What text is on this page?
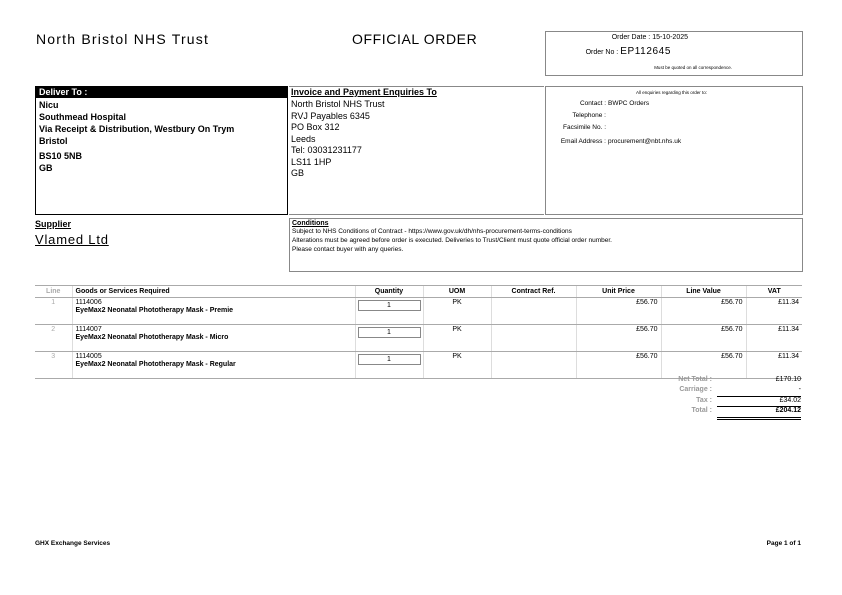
North Bristol NHS Trust	OFFICIAL ORDER	Order Date : 15-10-2025
Order No : EP112645
Must be quoted on all correspondence.
Deliver To :
Nicu
Southmead Hospital
Via Receipt & Distribution, Westbury On Trym
Bristol
BS10 5NB
GB
Invoice and Payment Enquiries To
North Bristol NHS Trust
RVJ Payables 6345
PO Box 312
Leeds
Tel: 03031231177
LS11 1HP
GB
All enquiries regarding this order to:
Contact : BWPC Orders
Telephone :
Facsimile No. :
Email Address : procurement@nbt.nhs.uk
Supplier
Vlamed Ltd
Conditions
Subject to NHS Conditions of Contract - https://www.gov.uk/dh/nhs-procurement-terms-conditions
Alterations must be agreed before order is executed. Deliveries to Trust/Client must quote official order number.
Please contact buyer with any queries.
Line	Goods or Services Required	Quantity	UOM	Contract Ref.	Unit Price	Line Value	VAT
1	1114006
EyeMax2 Neonatal Phototherapy Mask - Premie	1	PK		£56.70	£56.70	£11.34
2	1114007
EyeMax2 Neonatal Phototherapy Mask - Micro	1	PK		£56.70	£56.70	£11.34
3	1114005
EyeMax2 Neonatal Phototherapy Mask - Regular	1	PK		£56.70	£56.70	£11.34
Net Total :	£170.10
Carriage :	-
Tax :	£34.02
Total :	£204.12
GHX Exchange Services	Page 1 of 1
